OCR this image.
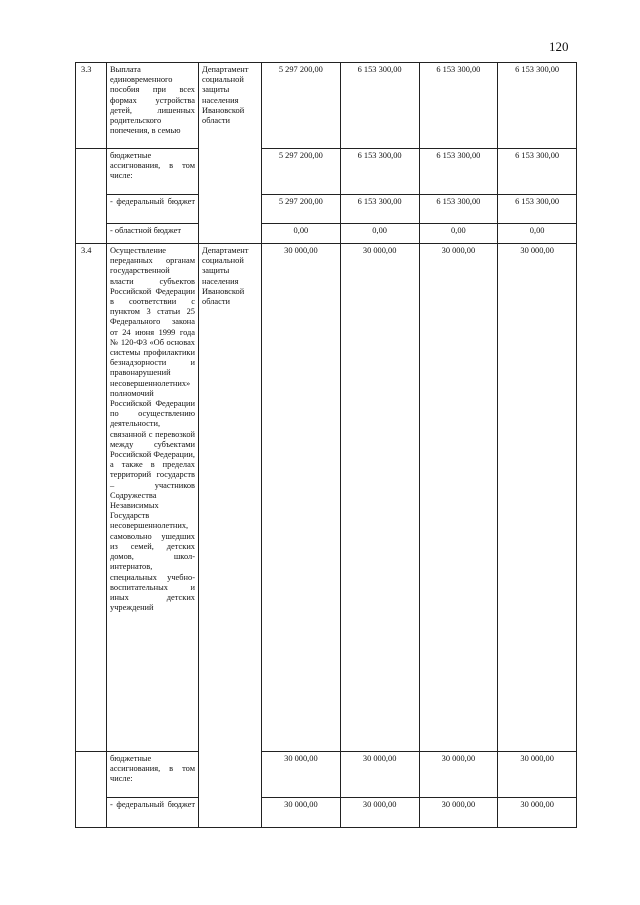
120
3.3	Выплата единовременного пособия при всех формах устройства детей, лишенных родительского попечения, в семью	Департамент социальной защиты населения Ивановской области	5 297 200,00	6 153 300,00	6 153 300,00	6 153 300,00
	бюджетные ассигнования, в том числе:		5 297 200,00	6 153 300,00	6 153 300,00	6 153 300,00
	- федеральный бюджет		5 297 200,00	6 153 300,00	6 153 300,00	6 153 300,00
	- областной бюджет		0,00	0,00	0,00	0,00
3.4	Осуществление переданных органам государственной власти субъектов Российской Федерации в соответствии с пунктом 3 статьи 25 Федерального закона от 24 июня 1999 года № 120-ФЗ «Об основах системы профилактики безнадзорности и правонарушений несовершеннолетних» полномочий Российской Федерации по осуществлению деятельности, связанной с перевозкой между субъектами Российской Федерации, а также в пределах территорий государств – участников Содружества Независимых Государств несовершеннолетних, самовольно ушедших из семей, детских домов, школ-интернатов, специальных учебно-воспитательных и иных детских учреждений	Департамент социальной защиты населения Ивановской области	30 000,00	30 000,00	30 000,00	30 000,00
	бюджетные ассигнования, в том числе:		30 000,00	30 000,00	30 000,00	30 000,00
	- федеральный бюджет		30 000,00	30 000,00	30 000,00	30 000,00
